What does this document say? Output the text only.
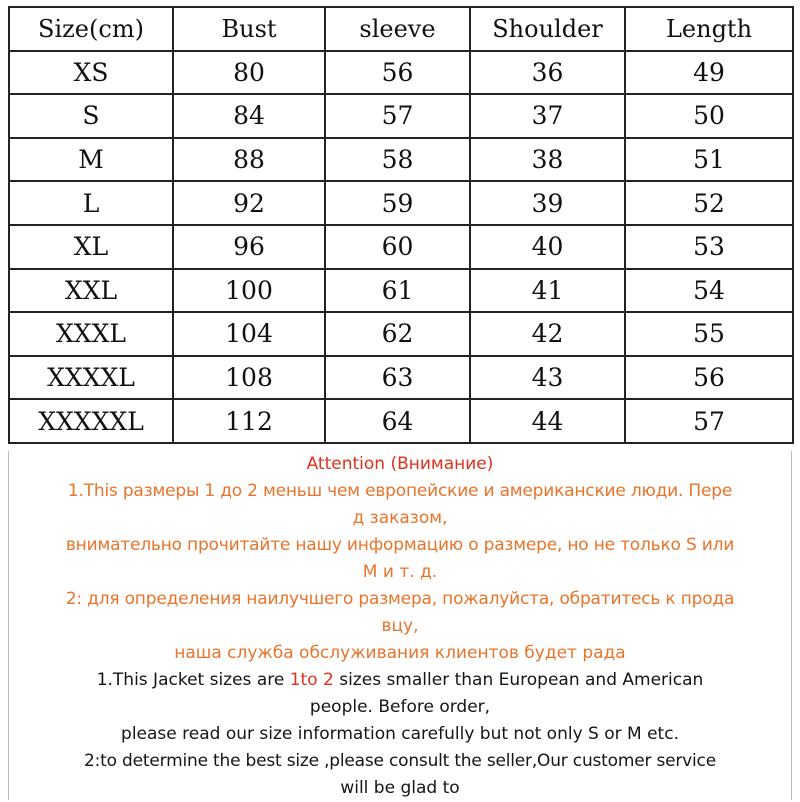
Size(cm)	Bust	sleeve	Shoulder	Length
XS	80	56	36	49
S	84	57	37	50
M	88	58	38	51
L	92	59	39	52
XL	96	60	40	53
XXL	100	61	41	54
XXXL	104	62	42	55
XXXXL	108	63	43	56
XXXXXL	112	64	44	57
Attention (Внимание)
1.This размеры 1 до 2 меньш чем европейские и американские люди. Пере
д заказом,
внимательно прочитайте нашу информацию о размере, но не только S или
M и т. д.
2: для определения наилучшего размера, пожалуйста, обратитесь к прода
вцу,
наша служба обслуживания клиентов будет рада
1.This Jacket sizes are 1to 2 sizes smaller than European and American
people. Before order,
please read our size information carefully but not only S or M etc.
2:to determine the best size ,please consult the seller,Our customer service
will be glad to
